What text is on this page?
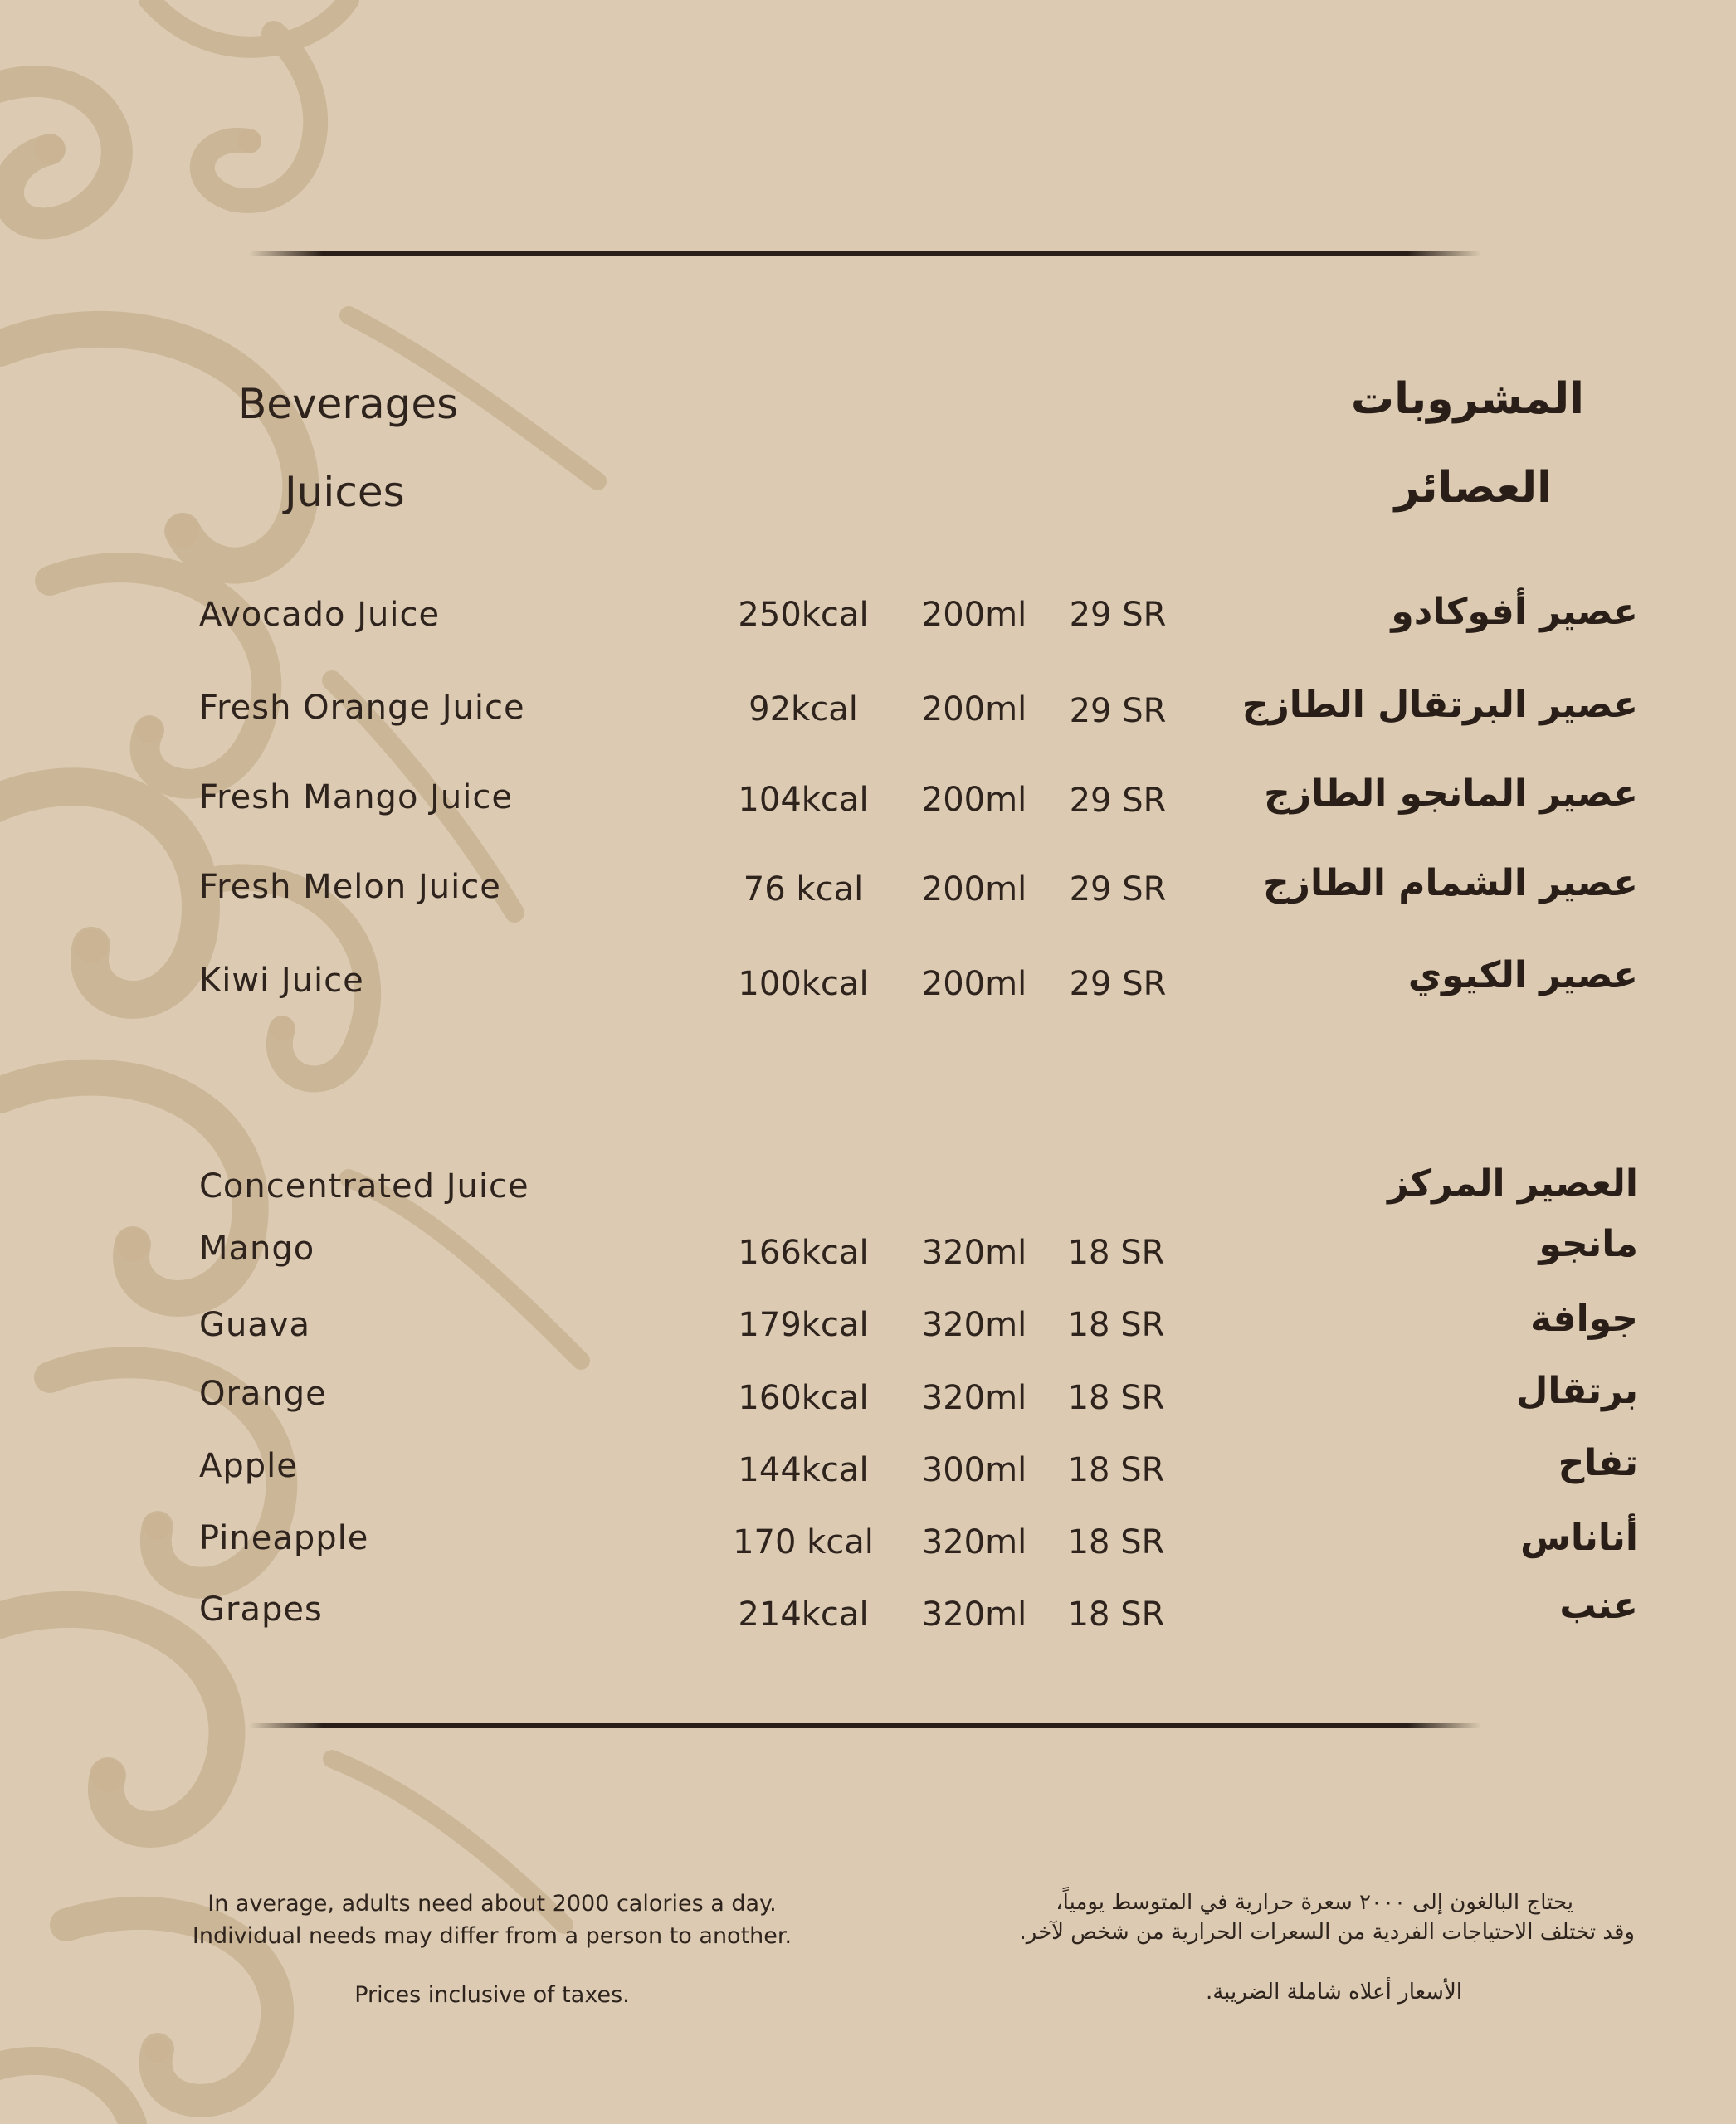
Beverages	المشروبات
Juices	العصائر
Avocado Juice	250kcal	200ml	29 SR	عصير أفوكادو
Fresh Orange Juice	92kcal	200ml	29 SR	عصير البرتقال الطازج
Fresh Mango Juice	104kcal	200ml	29 SR	عصير المانجو الطازج
Fresh Melon Juice	76 kcal	200ml	29 SR	عصير الشمام الطازج
Kiwi Juice	100kcal	200ml	29 SR	عصير الكيوي
Concentrated Juice	العصير المركز
Mango	166kcal	320ml	18 SR	مانجو
Guava	179kcal	320ml	18 SR	جوافة
Orange	160kcal	320ml	18 SR	برتقال
Apple	144kcal	300ml	18 SR	تفاح
Pineapple	170 kcal	320ml	18 SR	أناناس
Grapes	214kcal	320ml	18 SR	عنب
In average, adults need about 2000 calories a day.
Individual needs may differ from a person to another.
Prices inclusive of taxes.
يحتاج البالغون إلى ٢٠٠٠ سعرة حرارية في المتوسط يومياً،
وقد تختلف الاحتياجات الفردية من السعرات الحرارية من شخص لآخر.
الأسعار أعلاه شاملة الضريبة.
